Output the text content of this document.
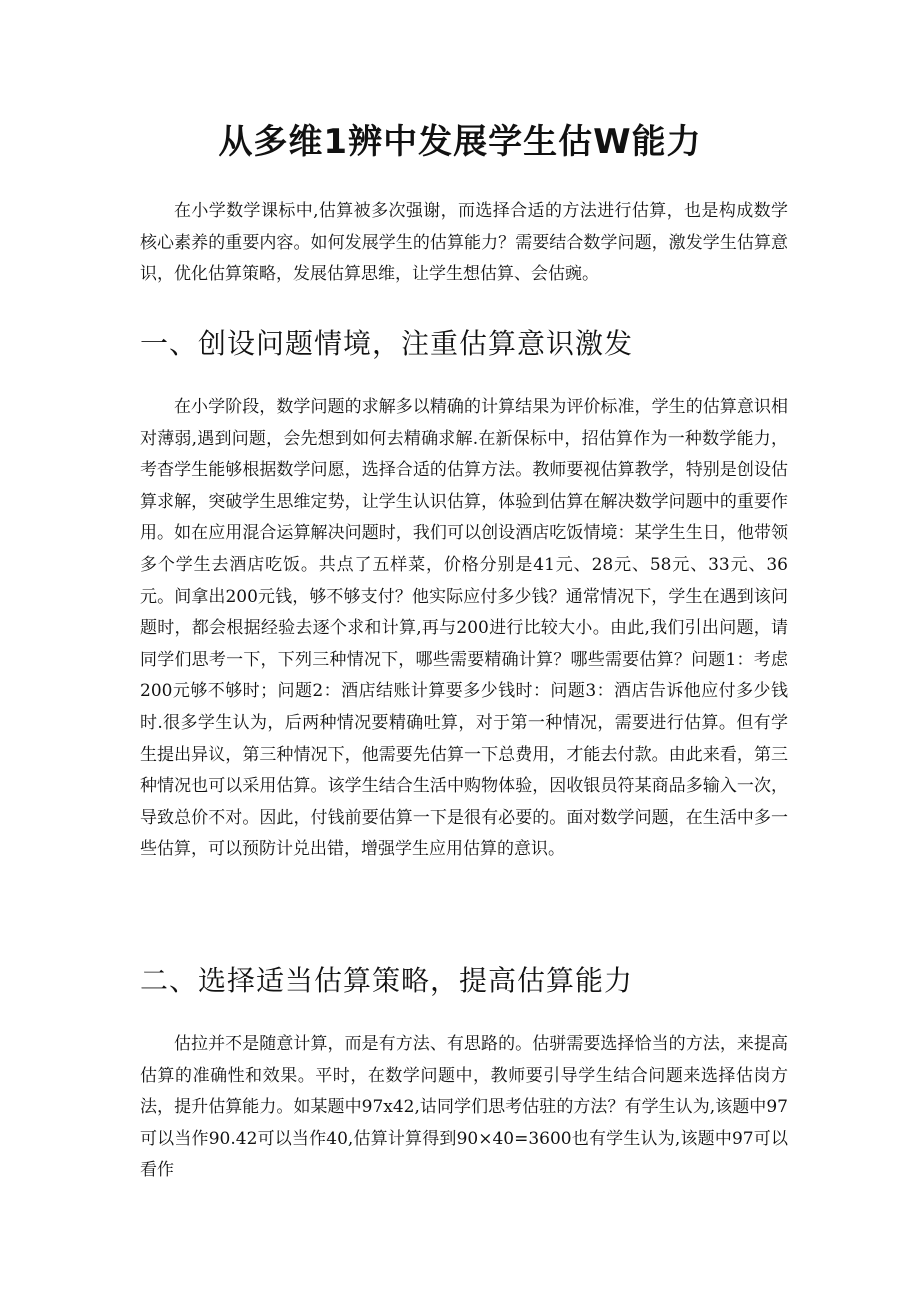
从多维1辨中发展学生估W能力

在小学数学课标中,估算被多次强谢，而选择合适的方法进行估算，也是构成数学核心素养的重要内容。如何发展学生的估算能力？需要结合数学问题，激发学生估算意识，优化估算策略，发展估算思维，让学生想估算、会估豌。

一、创设问题情境，注重估算意识激发

在小学阶段，数学问题的求解多以精确的计算结果为评价标准，学生的估算意识相对薄弱,遇到问题，会先想到如何去精确求解.在新保标中，招估算作为一种数学能力，考杳学生能够根据数学问愿，选择合适的估算方法。教师要视估算教学，特别是创设估算求解，突破学生思维定势，让学生认识估算，体验到估算在解决数学问题中的重要作用。如在应用混合运算解决问题时，我们可以创设酒店吃饭情境：某学生生日，他带领多个学生去酒店吃饭。共点了五样菜，价格分别是41元、28元、58元、33元、36元。间拿出200元钱，够不够支付？他实际应付多少钱？通常情况下，学生在遇到该问题时，都会根据经验去逐个求和计算,再与200进行比较大小。由此,我们引出问题，请同学们思考一下，下列三种情况下，哪些需要精确计算？哪些需要估算？问题1：考虑200元够不够时；问题2：酒店结账计算要多少钱时：问题3：酒店告诉他应付多少钱时.很多学生认为，后两种情况要精确吐算，对于第一种情况，需要进行估算。但有学生提出异议，第三种情况下，他需要先估算一下总费用，才能去付款。由此来看，第三种情况也可以采用估算。该学生结合生活中购物体验，因收银员符某商品多输入一次，导致总价不对。因此，付钱前要估算一下是很有必要的。面对数学问题，在生活中多一些估算，可以预防计兑出错，增强学生应用估算的意识。

二、选择适当估算策略，提高估算能力

估拉并不是随意计算，而是有方法、有思路的。估骈需要选择恰当的方法，来提高估算的准确性和效果。平时，在数学问题中，教师要引导学生结合问题来选择估岗方法，提升估算能力。如某题中97x42,诂同学们思考估驻的方法？有学生认为,该题中97可以当作90.42可以当作40,估算计算得到90×40=3600也有学生认为,该题中97可以看作
